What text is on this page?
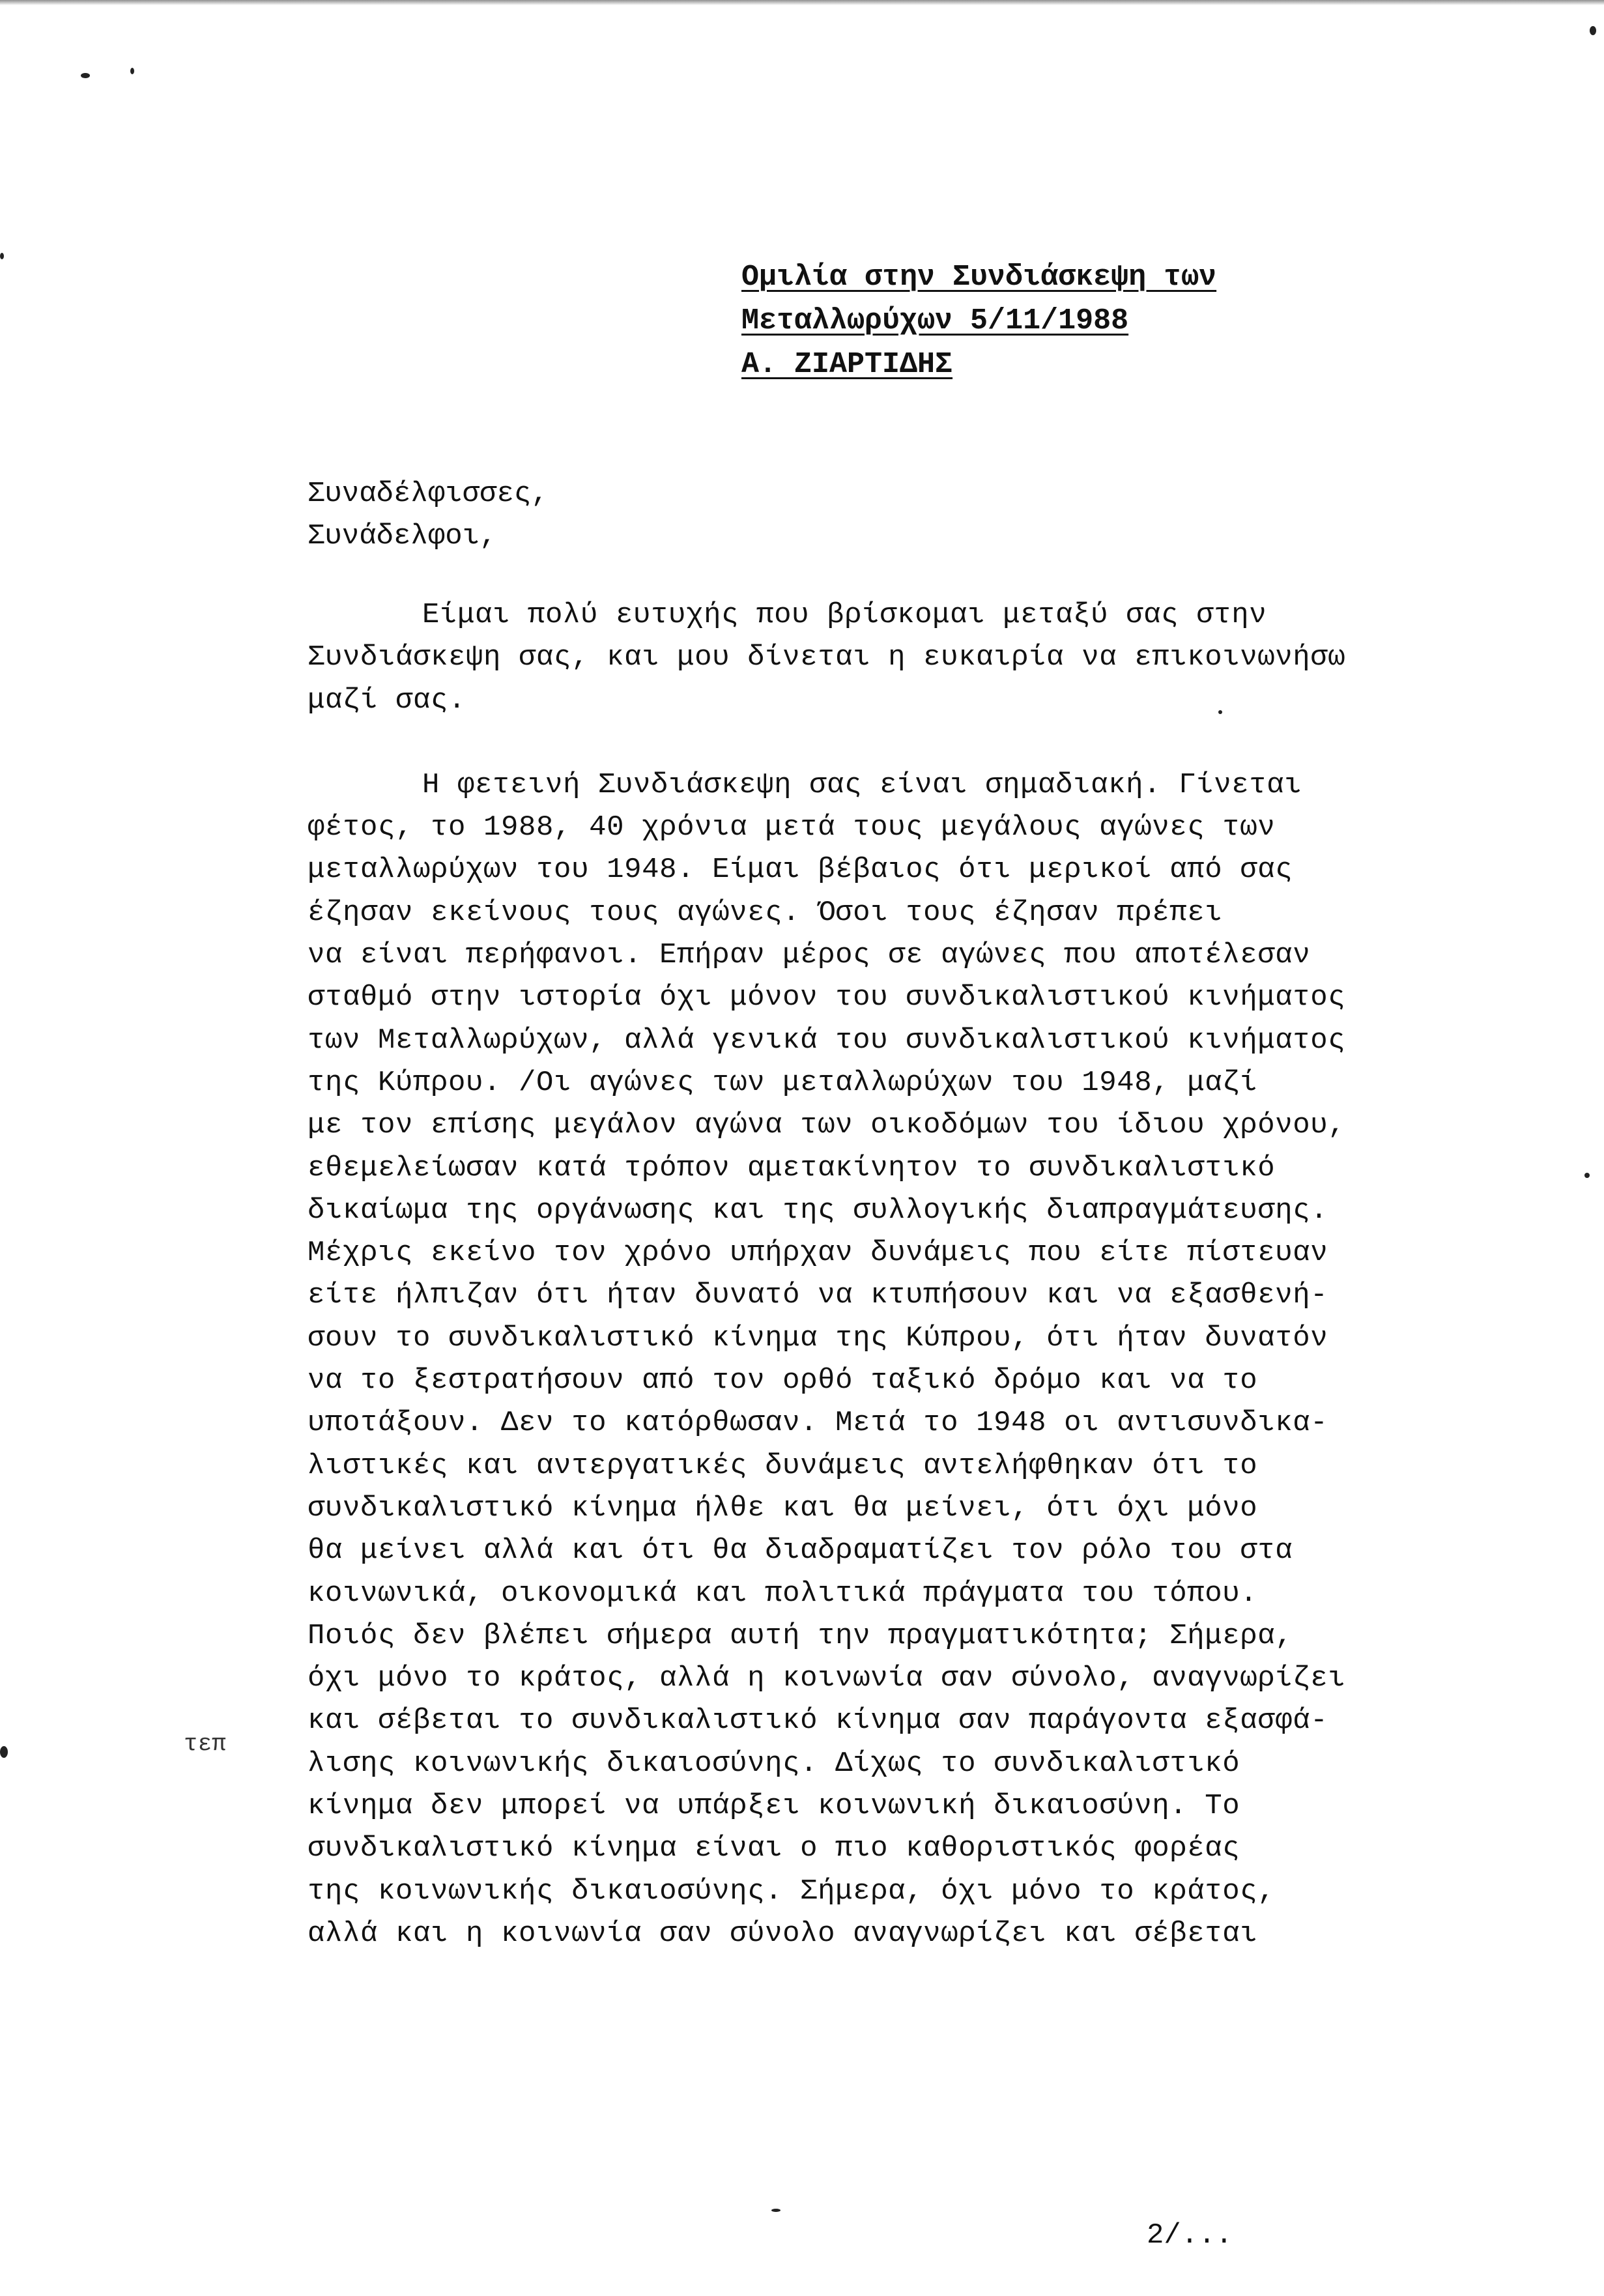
Ομιλία στην Συνδιάσκεψη των
Μεταλλωρύχων 5/11/1988
Α. ΖΙΑΡΤΙΔΗΣ
Συναδέλφισσες,
Συνάδελφοι,
Είμαι πολύ ευτυχής που βρίσκομαι μεταξύ σας στην
Συνδιάσκεψη σας, και μου δίνεται η ευκαιρία να επικοινωνήσω
μαζί σας.
Η φετεινή Συνδιάσκεψη σας είναι σημαδιακή. Γίνεται
φέτος, το 1988, 40 χρόνια μετά τους μεγάλους αγώνες των
μεταλλωρύχων του 1948. Είμαι βέβαιος ότι μερικοί από σας
έζησαν εκείνους τους αγώνες. Όσοι τους έζησαν πρέπει
να είναι περήφανοι. Επήραν μέρος σε αγώνες που αποτέλεσαν
σταθμό στην ιστορία όχι μόνον του συνδικαλιστικού κινήματος
των Μεταλλωρύχων, αλλά γενικά του συνδικαλιστικού κινήματος
της Κύπρου. /Οι αγώνες των μεταλλωρύχων του 1948, μαζί
με τον επίσης μεγάλον αγώνα των οικοδόμων του ίδιου χρόνου,
εθεμελείωσαν κατά τρόπον αμετακίνητον το συνδικαλιστικό
δικαίωμα της οργάνωσης και της συλλογικής διαπραγμάτευσης.
Μέχρις εκείνο τον χρόνο υπήρχαν δυνάμεις που είτε πίστευαν
είτε ήλπιζαν ότι ήταν δυνατό να κτυπήσουν και να εξασθενή-
σουν το συνδικαλιστικό κίνημα της Κύπρου, ότι ήταν δυνατόν
να το ξεστρατήσουν από τον ορθό ταξικό δρόμο και να το
υποτάξουν. Δεν το κατόρθωσαν. Μετά το 1948 οι αντισυνδικα-
λιστικές και αντεργατικές δυνάμεις αντελήφθηκαν ότι το
συνδικαλιστικό κίνημα ήλθε και θα μείνει, ότι όχι μόνο
θα μείνει αλλά και ότι θα διαδραματίζει τον ρόλο του στα
κοινωνικά, οικονομικά και πολιτικά πράγματα του τόπου.
Ποιός δεν βλέπει σήμερα αυτή την πραγματικότητα; Σήμερα,
όχι μόνο το κράτος, αλλά η κοινωνία σαν σύνολο, αναγνωρίζει
και σέβεται το συνδικαλιστικό κίνημα σαν παράγοντα εξασφά-
λισης κοινωνικής δικαιοσύνης. Δίχως το συνδικαλιστικό
κίνημα δεν μπορεί να υπάρξει κοινωνική δικαιοσύνη. Το
συνδικαλιστικό κίνημα είναι ο πιο καθοριστικός φορέας
της κοινωνικής δικαιοσύνης. Σήμερα, όχι μόνο το κράτος,
αλλά και η κοινωνία σαν σύνολο αναγνωρίζει και σέβεται
τεπ
2/...
